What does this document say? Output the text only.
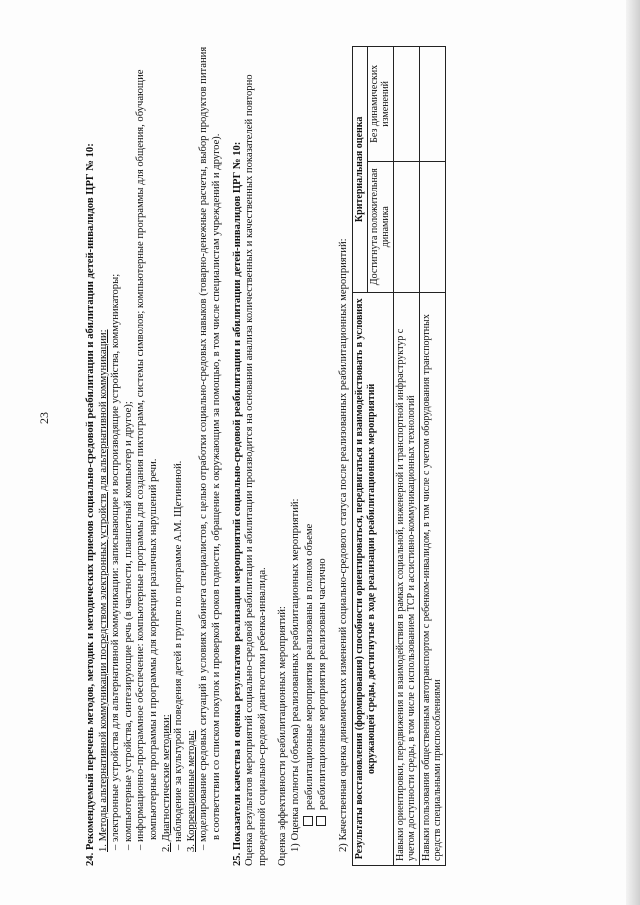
23	24. Рекомендуемый перечень методов, методик и методических приемов социально-средовой реабилитации и абилитации детей-инвалидов ЦРГ № 10: 1. Методы альтернативной коммуникации посредством электронных устройств для альтернативной коммуникации: – электронные устройства для альтернативной коммуникации: записывающие и воспроизводящие устройства, коммуникаторы; – компьютерные устройства, синтезирующие речь (в частности, планшетный компьютер и другое); – информационно-программное обеспечение: компьютерные программы для создания пиктограмм, системы символов; компьютерные программы для общения, обучающие компьютерные программы и программы для коррекции различных нарушений речи. 2. Диагностические методики: – наблюдение за культурой поведения детей в группе по программе А.М. Щетининой. 3. Коррекционные методы: – моделирование средовых ситуаций в условиях кабинета специалистов, с целью отработки социально-средовых навыков (товарно-денежные расчеты, выбор продуктов питания в соответствии со списком покупок и проверкой сроков годности, обращение к окружающим за помощью, в том числе специалистам учреждений и другое). 25. Показатели качества и оценка результатов реализации мероприятий социально-средовой реабилитации и абилитации детей-инвалидов ЦРГ № 10: Оценка результатов мероприятий социально-средовой реабилитации и абилитации производится на основании анализа количественных и качественных показателей повторно проведенной социально-средовой диагностики ребенка-инвалида. Оценка эффективности реабилитационных мероприятий: 1) Оценка полноты (объема) реализованных реабилитационных мероприятий: реабилитационные мероприятия реализованы в полном объеме реабилитационные мероприятия реализованы частично 2) Качественная оценка динамических изменений социально-средового статуса после реализованных реабилитационных мероприятий: Результаты восстановления (формирования) способности ориентироваться, передвигаться и взаимодействовать в условиях окружающей среды, достигнутые в ходе реализации реабилитационных мероприятий	Критериальная оценка	
	Достигнута положительная динамика	Без динамических изменений
Навыки ориентировки, передвижения и взаимодействия в рамках социальной, инженерной и транспортной инфраструктур с учетом доступности среды, в том числе с использованием ТСР и ассистивно-коммуникационных технологий		
Навыки пользования общественным автотранспортом с ребенком-инвалидом, в том числе с учетом оборудования транспортных средств специальными приспособлениями		
